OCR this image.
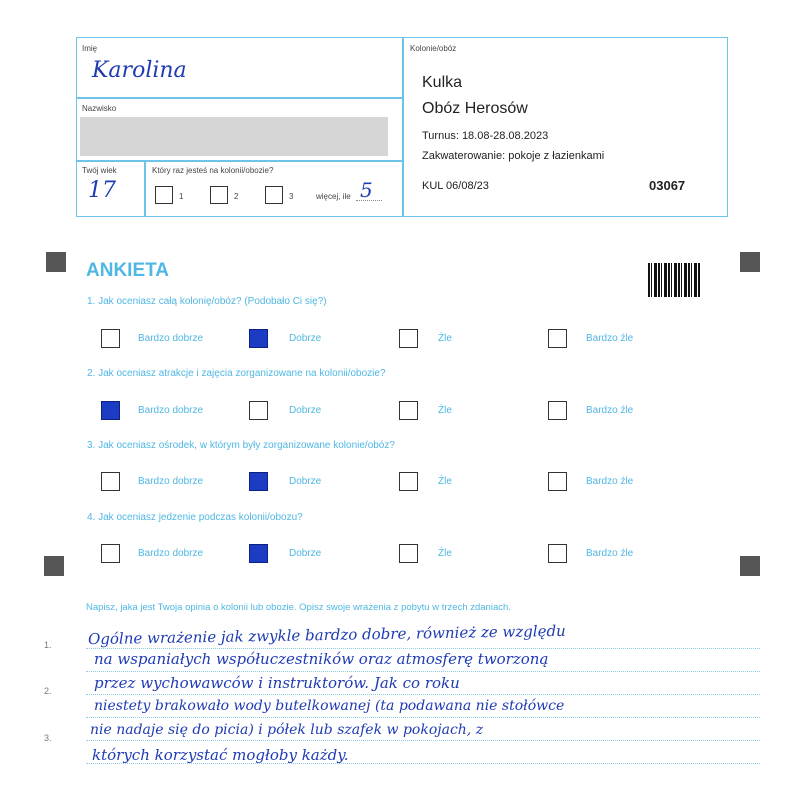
Imię
Karolina
Nazwisko
Twój wiek
17
Który raz jesteś na kolonii/obozie?
1	2	3	więcej, ile 5
Kolonie/obóz
Kulka
Obóz Herosów
Turnus: 18.08-28.08.2023
Zakwaterowanie: pokoje z łazienkami
KUL 06/08/23	03067
ANKIETA
1. Jak oceniasz całą kolonię/obóz? (Podobało Ci się?)
Bardzo dobrze	Dobrze	Źle	Bardzo źle
2. Jak oceniasz atrakcje i zajęcia zorganizowane na kolonii/obozie?
Bardzo dobrze	Dobrze	Źle	Bardzo źle
3. Jak oceniasz ośrodek, w którym były zorganizowane kolonie/obóz?
Bardzo dobrze	Dobrze	Źle	Bardzo źle
4. Jak oceniasz jedzenie podczas kolonii/obozu?
Bardzo dobrze	Dobrze	Źle	Bardzo źle
Napisz, jaka jest Twoja opinia o kolonii lub obozie. Opisz swoje wrażenia z pobytu w trzech zdaniach.
1.
2.
3.
Ogólne wrażenie jak zwykle bardzo dobre, również ze względu
na wspaniałych współuczestników oraz atmosferę tworzoną
przez wychowawców i instruktorów. Jak co roku
niestety brakowało wody butelkowanej (ta podawana nie stołówce
nie nadaje się do picia) i półek lub szafek w pokojach, z
których korzystać mogłoby każdy.
